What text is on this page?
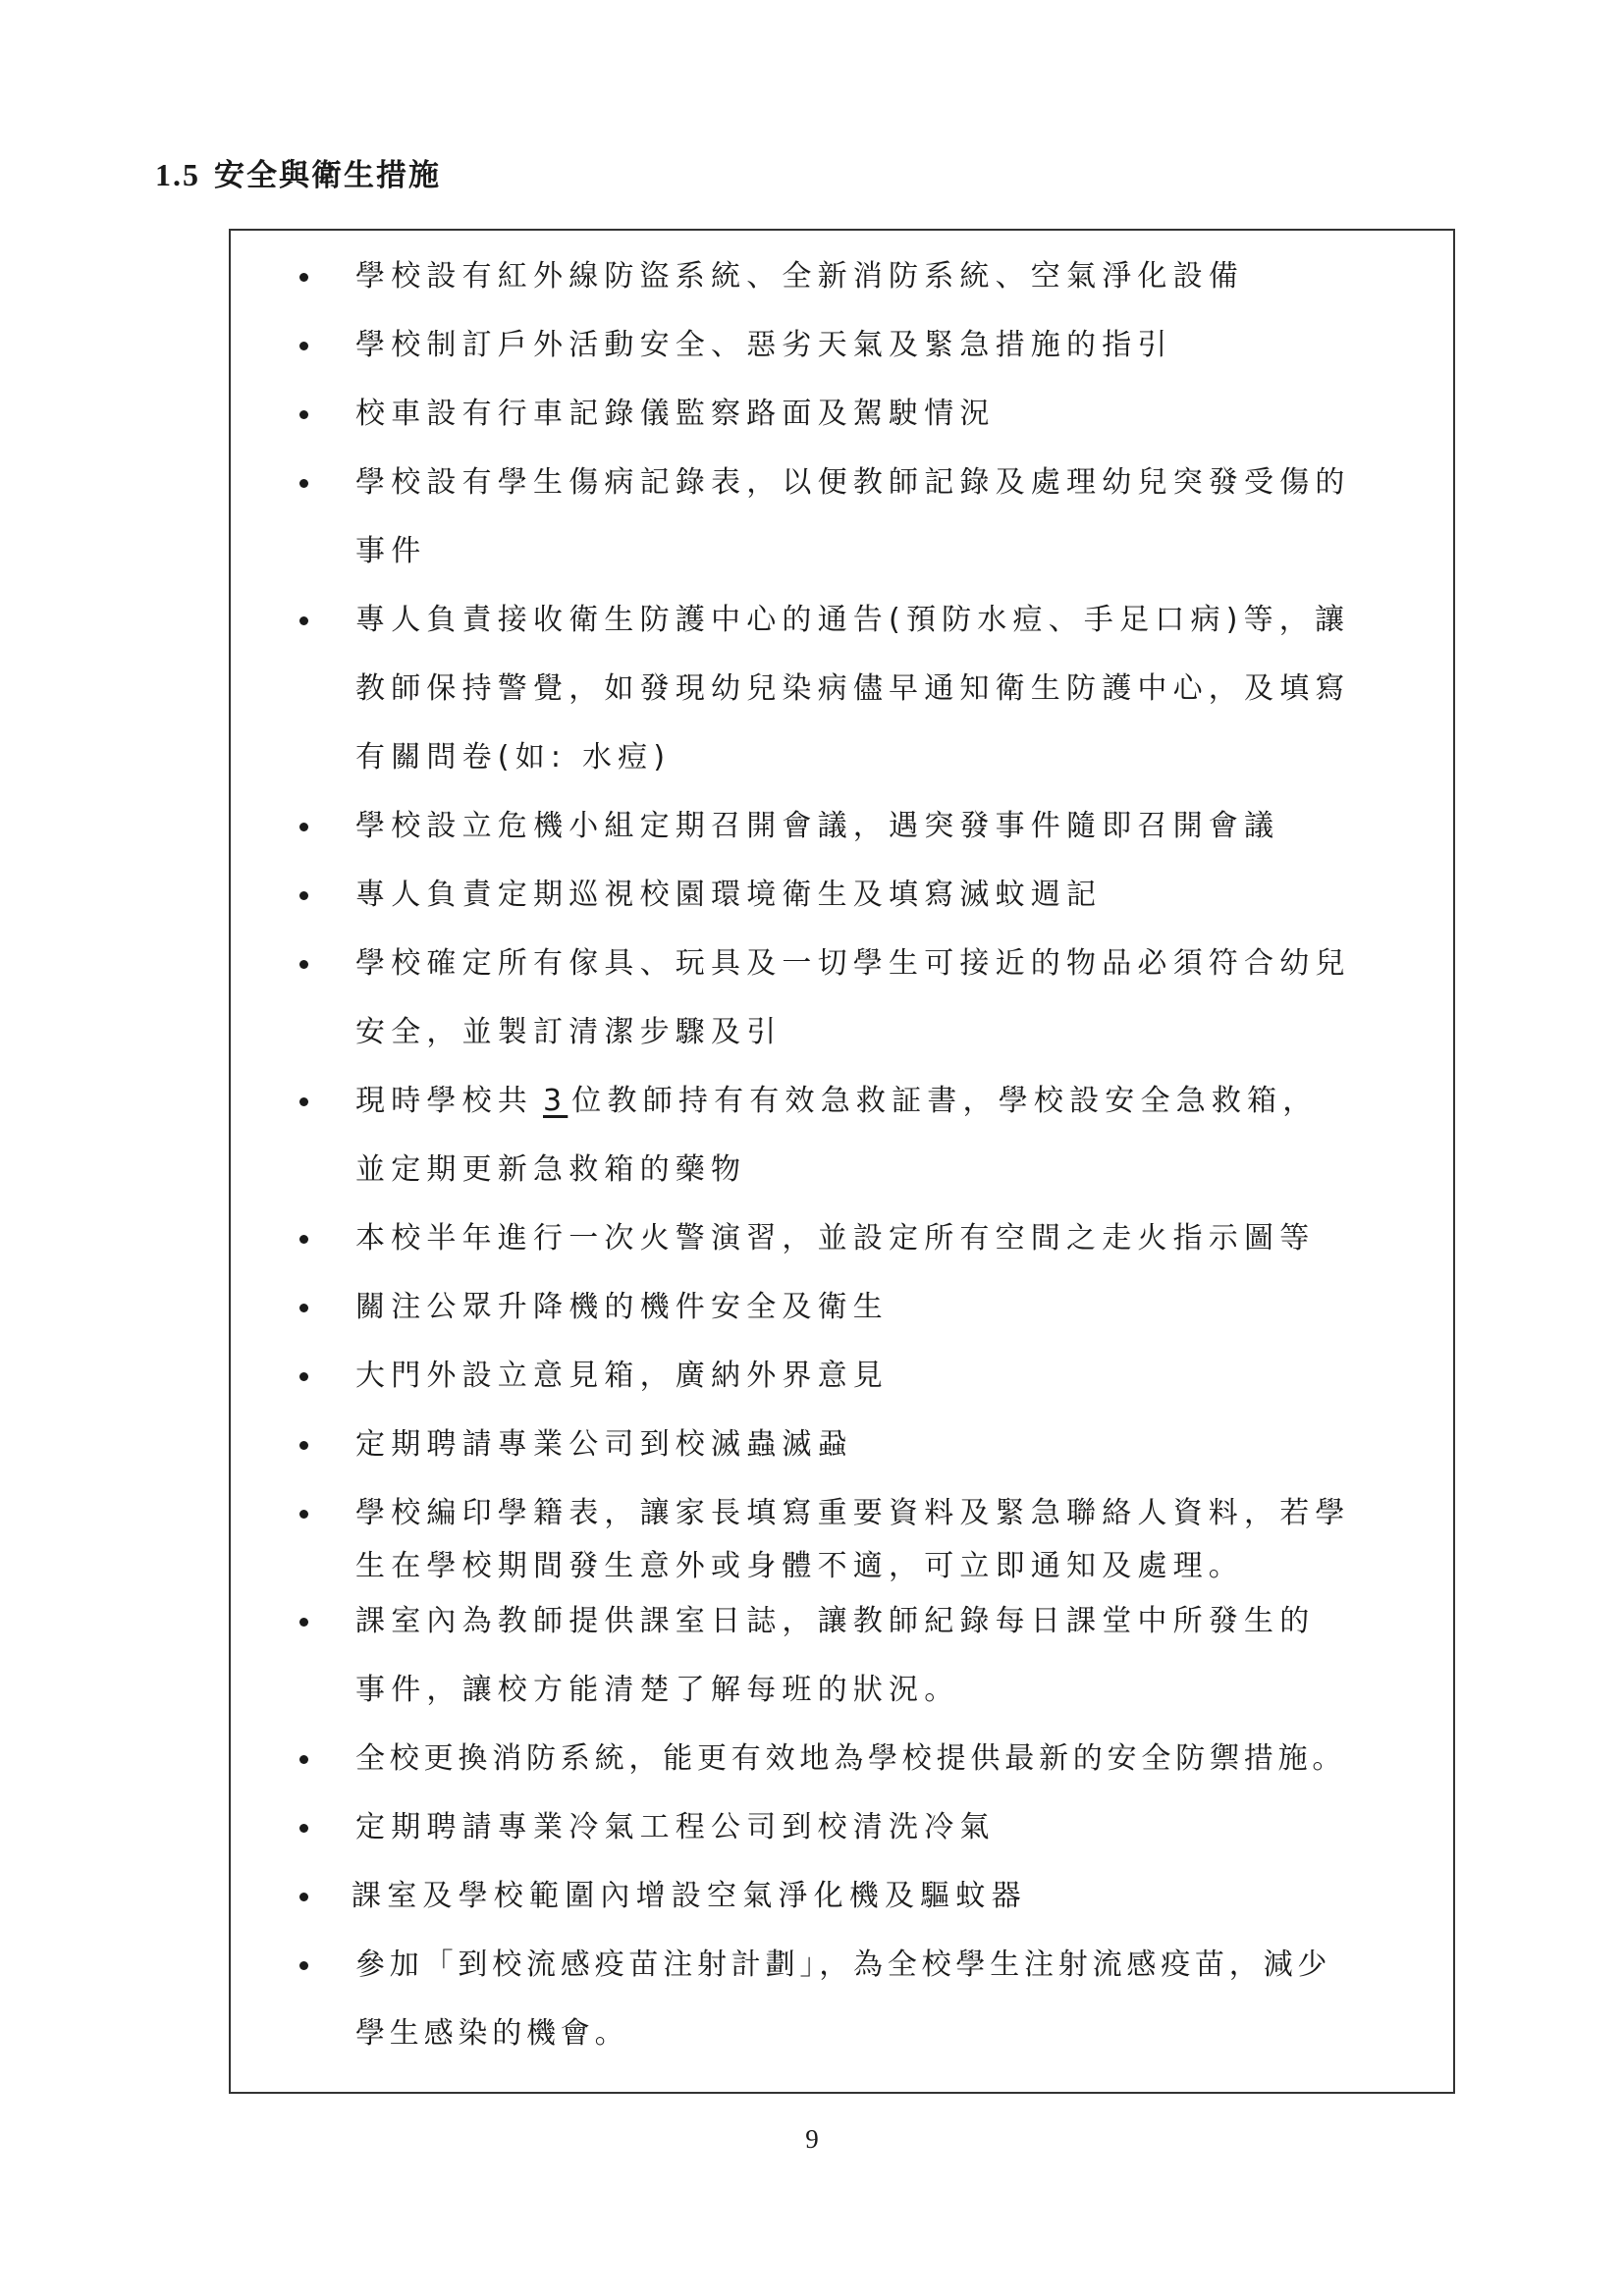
1.5 安全與衛生措施
學校設有紅外線防盜系統、全新消防系統、空氣淨化設備
學校制訂戶外活動安全、惡劣天氣及緊急措施的指引
校車設有行車記錄儀監察路面及駕駛情況
學校設有學生傷病記錄表，以便教師記錄及處理幼兒突發受傷的
事件
專人負責接收衛生防護中心的通告(預防水痘、手足口病)等，讓
教師保持警覺，如發現幼兒染病儘早通知衛生防護中心，及填寫
有關問卷(如: 水痘)
學校設立危機小組定期召開會議，遇突發事件隨即召開會議
專人負責定期巡視校園環境衛生及填寫滅蚊週記
學校確定所有傢具、玩具及一切學生可接近的物品必須符合幼兒
安全，並製訂清潔步驟及引
現時學校共 3 位教師持有有效急救証書，學校設安全急救箱，
並定期更新急救箱的藥物
本校半年進行一次火警演習，並設定所有空間之走火指示圖等
關注公眾升降機的機件安全及衛生
大門外設立意見箱，廣納外界意見
定期聘請專業公司到校滅蟲滅蝨
學校編印學籍表，讓家長填寫重要資料及緊急聯絡人資料，若學
生在學校期間發生意外或身體不適，可立即通知及處理。
課室內為教師提供課室日誌，讓教師紀錄每日課堂中所發生的
事件，讓校方能清楚了解每班的狀況。
全校更換消防系統，能更有效地為學校提供最新的安全防禦措施。
定期聘請專業冷氣工程公司到校清洗冷氣
課室及學校範圍內增設空氣淨化機及驅蚊器
參加「到校流感疫苗注射計劃」，為全校學生注射流感疫苗，減少
學生感染的機會。
9
